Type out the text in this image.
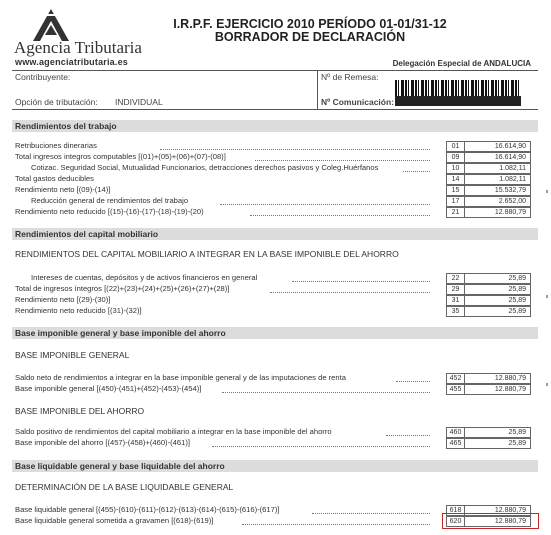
Agencia Tributaria
www.agenciatributaria.es
I.R.P.F. EJERCICIO 2010 PERÍODO 01-01/31-12
BORRADOR DE DECLARACIÓN
Delegación Especial de ANDALUCIA
Contribuyente:	Nº de Remesa:
Opción de tributación: INDIVIDUAL	Nº Comunicación:
Rendimientos del trabajo
Retribuciones dinerarias	01	16.614,90
Total ingresos integros computables [(01)+(05)+(06)+(07)-(08)]	09	16.614,90
Cotizac. Seguridad Social, Mutualidad Funcionarios, detracciones derechos pasivos y Coleg.Huérfanos	10	1.082,11
Total gastos deducibles	14	1.082,11
Rendimiento neto [(09)-(14)]	15	15.532,79
Reducción general de rendimientos del trabajo	17	2.652,00
Rendimiento neto reducido [(15)-(16)-(17)-(18)-(19)-(20)	21	12.880,79
Rendimientos del capital mobiliario
RENDIMIENTOS DEL CAPITAL MOBILIARIO A INTEGRAR EN LA BASE IMPONIBLE DEL AHORRO
Intereses de cuentas, depósitos y de activos financieros en general	22	25,89
Total de ingresos íntegros [(22)+(23)+(24)+(25)+(26)+(27)+(28)]	29	25,89
Rendimiento neto [(29)-(30)]	31	25,89
Rendimiento neto reducido [(31)-(32)]	35	25,89
Base imponible general y base imponible del ahorro
BASE IMPONIBLE GENERAL
Saldo neto de rendimientos a integrar en la base imponible general y de las imputaciones de renta	452	12.880,79
Base imponible general [(450)-(451)+(452)-(453)-(454)]	455	12.880,79
BASE IMPONIBLE DEL AHORRO
Saldo positivo de rendimientos del capital mobiliario a integrar en la base imponible del ahorro	460	25,89
Base imponible del ahorro [(457)-(458)+(460)-(461)]	465	25,89
Base liquidable general y base liquidable del ahorro
DETERMINACIÓN DE LA BASE LIQUIDABLE GENERAL
Base liquidable general [(455)-(610)-(611)-(612)-(613)-(614)-(615)-(616)-(617)]	618	12.880,79
Base liquidable general sometida a gravamen [(618)-(619)]	620	12.880,79
